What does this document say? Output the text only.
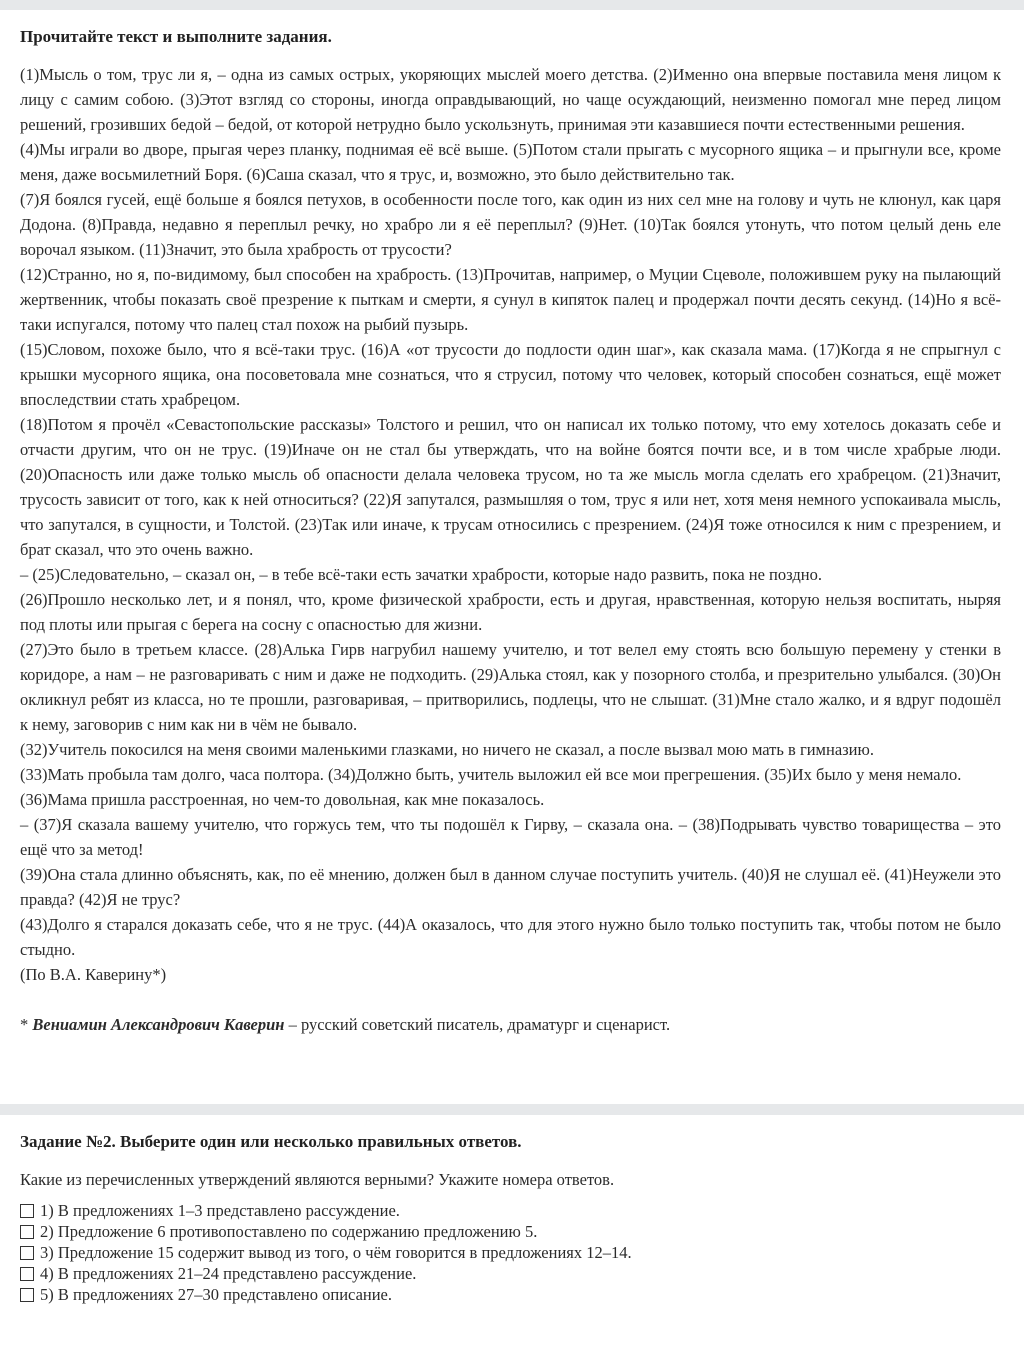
Прочитайте текст и выполните задания.

(1)Мысль о том, трус ли я, – одна из самых острых, укоряющих мыслей моего детства. (2)Именно она впервые поставила меня лицом к лицу с самим собою. (3)Этот взгляд со стороны, иногда оправдывающий, но чаще осуждающий, неизменно помогал мне перед лицом решений, грозивших бедой – бедой, от которой нетрудно было ускользнуть, принимая эти казавшиеся почти естественными решения.

(4)Мы играли во дворе, прыгая через планку, поднимая её всё выше. (5)Потом стали прыгать с мусорного ящика – и прыгнули все, кроме меня, даже восьмилетний Боря. (6)Саша сказал, что я трус, и, возможно, это было действительно так.

(7)Я боялся гусей, ещё больше я боялся петухов, в особенности после того, как один из них сел мне на голову и чуть не клюнул, как царя Додона. (8)Правда, недавно я переплыл речку, но храбро ли я её переплыл? (9)Нет. (10)Так боялся утонуть, что потом целый день еле ворочал языком. (11)Значит, это была храбрость от трусости?

(12)Странно, но я, по-видимому, был способен на храбрость. (13)Прочитав, например, о Муции Сцеволе, положившем руку на пылающий жертвенник, чтобы показать своё презрение к пыткам и смерти, я сунул в кипяток палец и продержал почти десять секунд. (14)Но я всё-таки испугался, потому что палец стал похож на рыбий пузырь.

(15)Словом, похоже было, что я всё-таки трус. (16)А «от трусости до подлости один шаг», как сказала мама. (17)Когда я не спрыгнул с крышки мусорного ящика, она посоветовала мне сознаться, что я струсил, потому что человек, который способен сознаться, ещё может впоследствии стать храбрецом.

(18)Потом я прочёл «Севастопольские рассказы» Толстого и решил, что он написал их только потому, что ему хотелось доказать себе и отчасти другим, что он не трус. (19)Иначе он не стал бы утверждать, что на войне боятся почти все, и в том числе храбрые люди. (20)Опасность или даже только мысль об опасности делала человека трусом, но та же мысль могла сделать его храбрецом. (21)Значит, трусость зависит от того, как к ней относиться? (22)Я запутался, размышляя о том, трус я или нет, хотя меня немного успокаивала мысль, что запутался, в сущности, и Толстой. (23)Так или иначе, к трусам относились с презрением. (24)Я тоже относился к ним с презрением, и брат сказал, что это очень важно.

– (25)Следовательно, – сказал он, – в тебе всё-таки есть зачатки храбрости, которые надо развить, пока не поздно.

(26)Прошло несколько лет, и я понял, что, кроме физической храбрости, есть и другая, нравственная, которую нельзя воспитать, ныряя под плоты или прыгая с берега на сосну с опасностью для жизни.

(27)Это было в третьем классе. (28)Алька Гирв нагрубил нашему учителю, и тот велел ему стоять всю большую перемену у стенки в коридоре, а нам – не разговаривать с ним и даже не подходить. (29)Алька стоял, как у позорного столба, и презрительно улыбался. (30)Он окликнул ребят из класса, но те прошли, разговаривая, – притворились, подлецы, что не слышат. (31)Мне стало жалко, и я вдруг подошёл к нему, заговорив с ним как ни в чём не бывало.

(32)Учитель покосился на меня своими маленькими глазками, но ничего не сказал, а после вызвал мою мать в гимназию.

(33)Мать пробыла там долго, часа полтора. (34)Должно быть, учитель выложил ей все мои прегрешения. (35)Их было у меня немало.

(36)Мама пришла расстроенная, но чем-то довольная, как мне показалось.

– (37)Я сказала вашему учителю, что горжусь тем, что ты подошёл к Гирву, – сказала она. – (38)Подрывать чувство товарищества – это ещё что за метод!

(39)Она стала длинно объяснять, как, по её мнению, должен был в данном случае поступить учитель. (40)Я не слушал её. (41)Неужели это правда? (42)Я не трус?

(43)Долго я старался доказать себе, что я не трус. (44)А оказалось, что для этого нужно было только поступить так, чтобы потом не было стыдно.

(По В.А. Каверину*)

* Вениамин Александрович Каверин – русский советский писатель, драматург и сценарист.
Задание №2. Выберите один или несколько правильных ответов.
Какие из перечисленных утверждений являются верными? Укажите номера ответов.
1) В предложениях 1–3 представлено рассуждение.
2) Предложение 6 противопоставлено по содержанию предложению 5.
3) Предложение 15 содержит вывод из того, о чём говорится в предложениях 12–14.
4) В предложениях 21–24 представлено рассуждение.
5) В предложениях 27–30 представлено описание.
